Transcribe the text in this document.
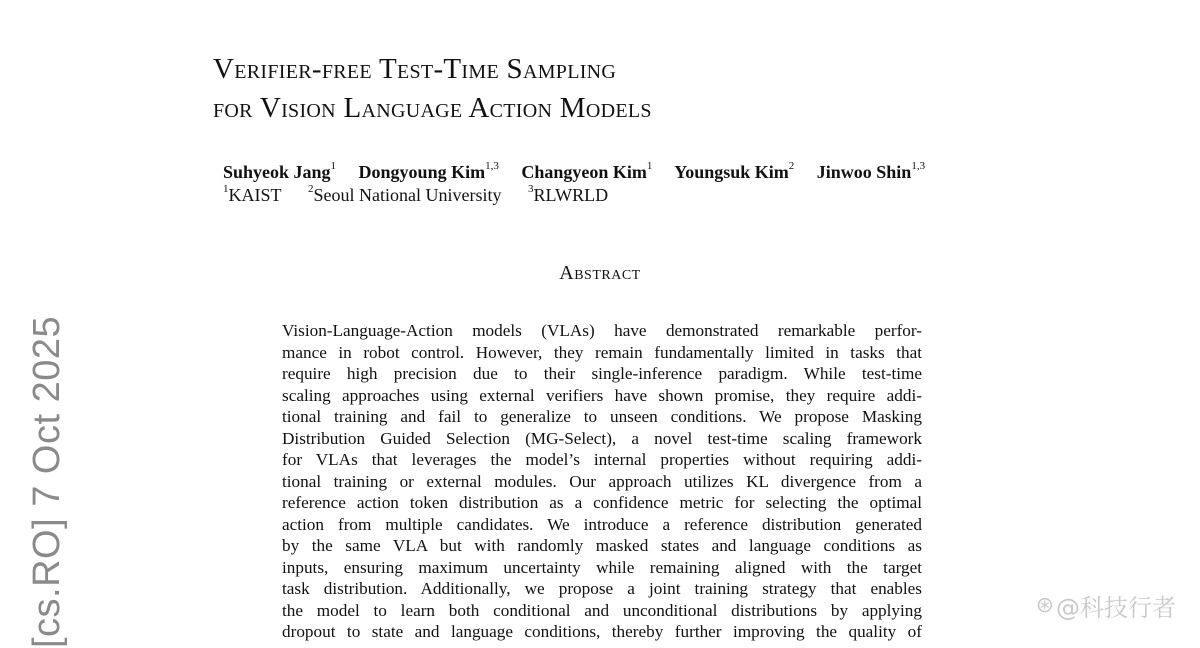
Verifier-free Test-Time Sampling
for Vision Language Action Models
Suhyeok Jang$^1$ Dongyoung Kim$^{1,3}$ Changyeon Kim$^1$ Youngsuk Kim$^2$ Jinwoo Shin$^{1,3}$
$^1$KAIST $^2$Seoul National University $^3$RLWRLD
Abstract
Vision-Language-Action models (VLAs) have demonstrated remarkable perfor-
mance in robot control. However, they remain fundamentally limited in tasks that
require high precision due to their single-inference paradigm. While test-time
scaling approaches using external verifiers have shown promise, they require addi-
tional training and fail to generalize to unseen conditions. We propose Masking
Distribution Guided Selection (MG-Select), a novel test-time scaling framework
for VLAs that leverages the model’s internal properties without requiring addi-
tional training or external modules. Our approach utilizes KL divergence from a
reference action token distribution as a confidence metric for selecting the optimal
action from multiple candidates. We introduce a reference distribution generated
by the same VLA but with randomly masked states and language conditions as
inputs, ensuring maximum uncertainty while remaining aligned with the target
task distribution. Additionally, we propose a joint training strategy that enables
the model to learn both conditional and unconditional distributions by applying
dropout to state and language conditions, thereby further improving the quality of
[cs.RO] 7 Oct 2025	⊛ @科技行者
